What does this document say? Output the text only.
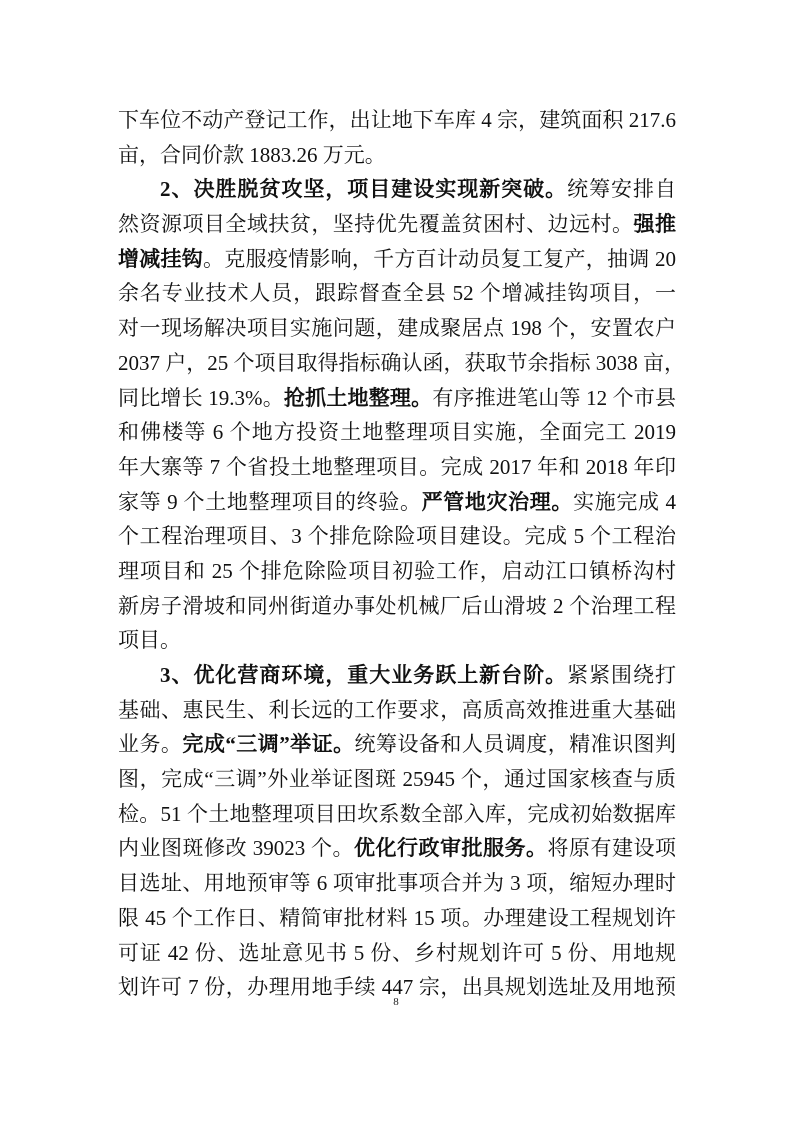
下车位不动产登记工作，出让地下车库 4 宗，建筑面积 217.6
亩，合同价款 1883.26 万元。
2、决胜脱贫攻坚，项目建设实现新突破。统筹安排自
然资源项目全域扶贫，坚持优先覆盖贫困村、边远村。强推
增减挂钩。克服疫情影响，千方百计动员复工复产，抽调 20
余名专业技术人员，跟踪督查全县 52 个增减挂钩项目，一
对一现场解决项目实施问题，建成聚居点 198 个，安置农户
2037 户，25 个项目取得指标确认函，获取节余指标 3038 亩，
同比增长 19.3%。抢抓土地整理。有序推进笔山等 12 个市县
和佛楼等 6 个地方投资土地整理项目实施，全面完工 2019
年大寨等 7 个省投土地整理项目。完成 2017 年和 2018 年印
家等 9 个土地整理项目的终验。严管地灾治理。实施完成 4
个工程治理项目、3 个排危除险项目建设。完成 5 个工程治
理项目和 25 个排危除险项目初验工作，启动江口镇桥沟村
新房子滑坡和同州街道办事处机械厂后山滑坡 2 个治理工程
项目。
3、优化营商环境，重大业务跃上新台阶。紧紧围绕打
基础、惠民生、利长远的工作要求，高质高效推进重大基础
业务。完成“三调”举证。统筹设备和人员调度，精准识图判
图，完成“三调”外业举证图斑 25945 个，通过国家核查与质
检。51 个土地整理项目田坎系数全部入库，完成初始数据库
内业图斑修改 39023 个。优化行政审批服务。将原有建设项
目选址、用地预审等 6 项审批事项合并为 3 项，缩短办理时
限 45 个工作日、精简审批材料 15 项。办理建设工程规划许
可证 42 份、选址意见书 5 份、乡村规划许可 5 份、用地规
划许可 7 份，办理用地手续 447 宗，出具规划选址及用地预
8
